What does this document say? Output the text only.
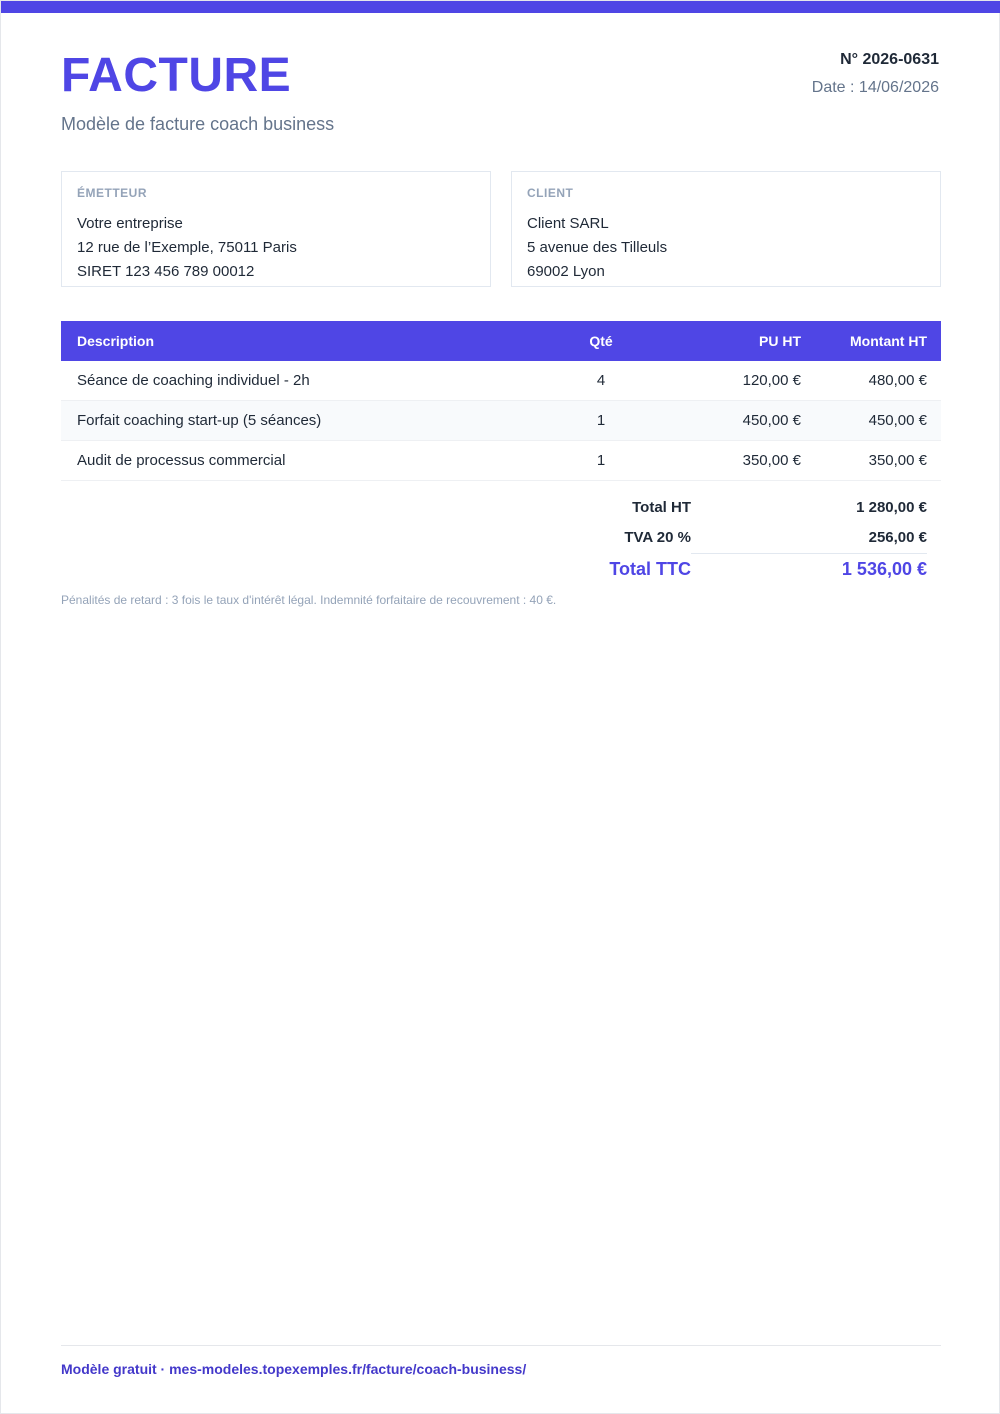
FACTURE
Modèle de facture coach business
N° 2026-0631
Date : 14/06/2026
ÉMETTEUR
Votre entreprise
12 rue de l’Exemple, 75011 Paris
SIRET 123 456 789 00012
CLIENT
Client SARL
5 avenue des Tilleuls
69002 Lyon
Description	Qté	PU HT	Montant HT
Séance de coaching individuel - 2h	4	120,00 €	480,00 €
Forfait coaching start-up (5 séances)	1	450,00 €	450,00 €
Audit de processus commercial	1	350,00 €	350,00 €
Total HT	1 280,00 €
TVA 20 %	256,00 €
Total TTC	1 536,00 €
Pénalités de retard : 3 fois le taux d'intérêt légal. Indemnité forfaitaire de recouvrement : 40 €.
Modèle gratuit · mes-modeles.topexemples.fr/facture/coach-business/
